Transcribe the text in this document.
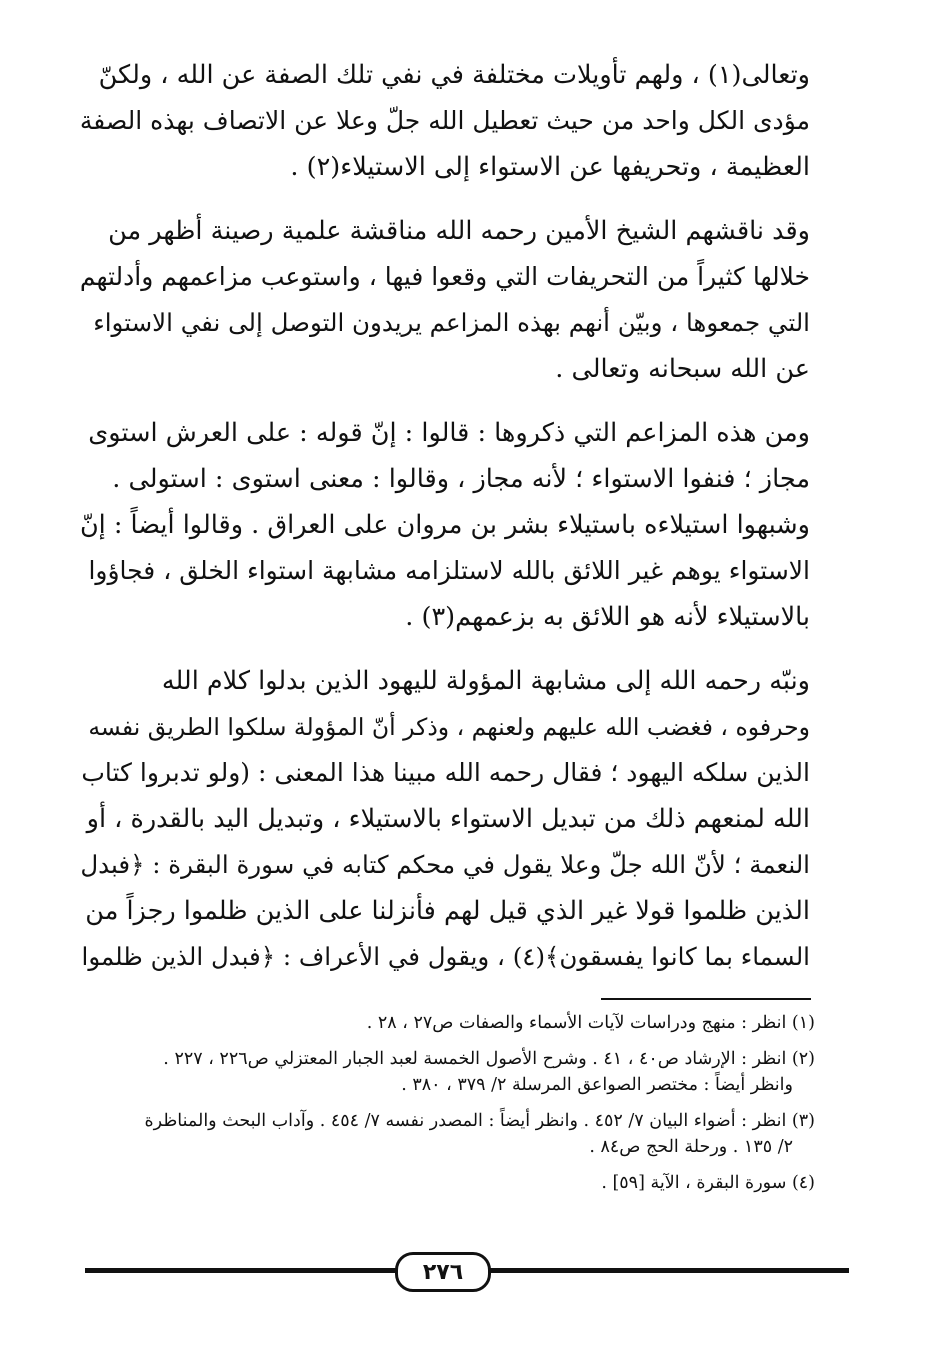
وتعالى(١) ، ولهم تأويلات مختلفة في نفي تلك الصفة عن الله ، ولكنّ
مؤدى الكل واحد من حيث تعطيل الله جلّ وعلا عن الاتصاف بهذه الصفة
العظيمة ، وتحريفها عن الاستواء إلى الاستيلاء(٢) .

وقد ناقشهم الشيخ الأمين رحمه الله مناقشة علمية رصينة أظهر من
خلالها كثيراً من التحريفات التي وقعوا فيها ، واستوعب مزاعمهم وأدلتهم
التي جمعوها ، وبيّن أنهم بهذه المزاعم يريدون التوصل إلى نفي الاستواء
عن الله سبحانه وتعالى .

ومن هذه المزاعم التي ذكروها : قالوا : إنّ قوله : على العرش استوى
مجاز ؛ فنفوا الاستواء ؛ لأنه مجاز ، وقالوا : معنى استوى : استولى .
وشبهوا استيلاءه باستيلاء بشر بن مروان على العراق . وقالوا أيضاً : إنّ
الاستواء يوهم غير اللائق بالله لاستلزامه مشابهة استواء الخلق ، فجاؤوا
بالاستيلاء لأنه هو اللائق به بزعمهم(٣) .

ونبّه رحمه الله إلى مشابهة المؤولة لليهود الذين بدلوا كلام الله
وحرفوه ، فغضب الله عليهم ولعنهم ، وذكر أنّ المؤولة سلكوا الطريق نفسه
الذين سلكه اليهود ؛ فقال رحمه الله مبينا هذا المعنى : (ولو تدبروا كتاب
الله لمنعهم ذلك من تبديل الاستواء بالاستيلاء ، وتبديل اليد بالقدرة ، أو
النعمة ؛ لأنّ الله جلّ وعلا يقول في محكم كتابه في سورة البقرة : ﴿فبدل
الذين ظلموا قولا غير الذي قيل لهم فأنزلنا على الذين ظلموا رجزاً من
السماء بما كانوا يفسقون﴾(٤) ، ويقول في الأعراف : ﴿فبدل الذين ظلموا

(١) انظر : منهج ودراسات لآيات الأسماء والصفات ص٢٧ ، ٢٨ .
(٢) انظر : الإرشاد ص٤٠ ، ٤١ . وشرح الأصول الخمسة لعبد الجبار المعتزلي ص٢٢٦ ، ٢٢٧ .
وانظر أيضاً : مختصر الصواعق المرسلة ٢/ ٣٧٩ ، ٣٨٠ .
(٣) انظر : أضواء البيان ٧/ ٤٥٢ . وانظر أيضاً : المصدر نفسه ٧/ ٤٥٤ . وآداب البحث والمناظرة
٢/ ١٣٥ . ورحلة الحج ص٨٤ .
(٤) سورة البقرة ، الآية [٥٩] .
٢٧٦
